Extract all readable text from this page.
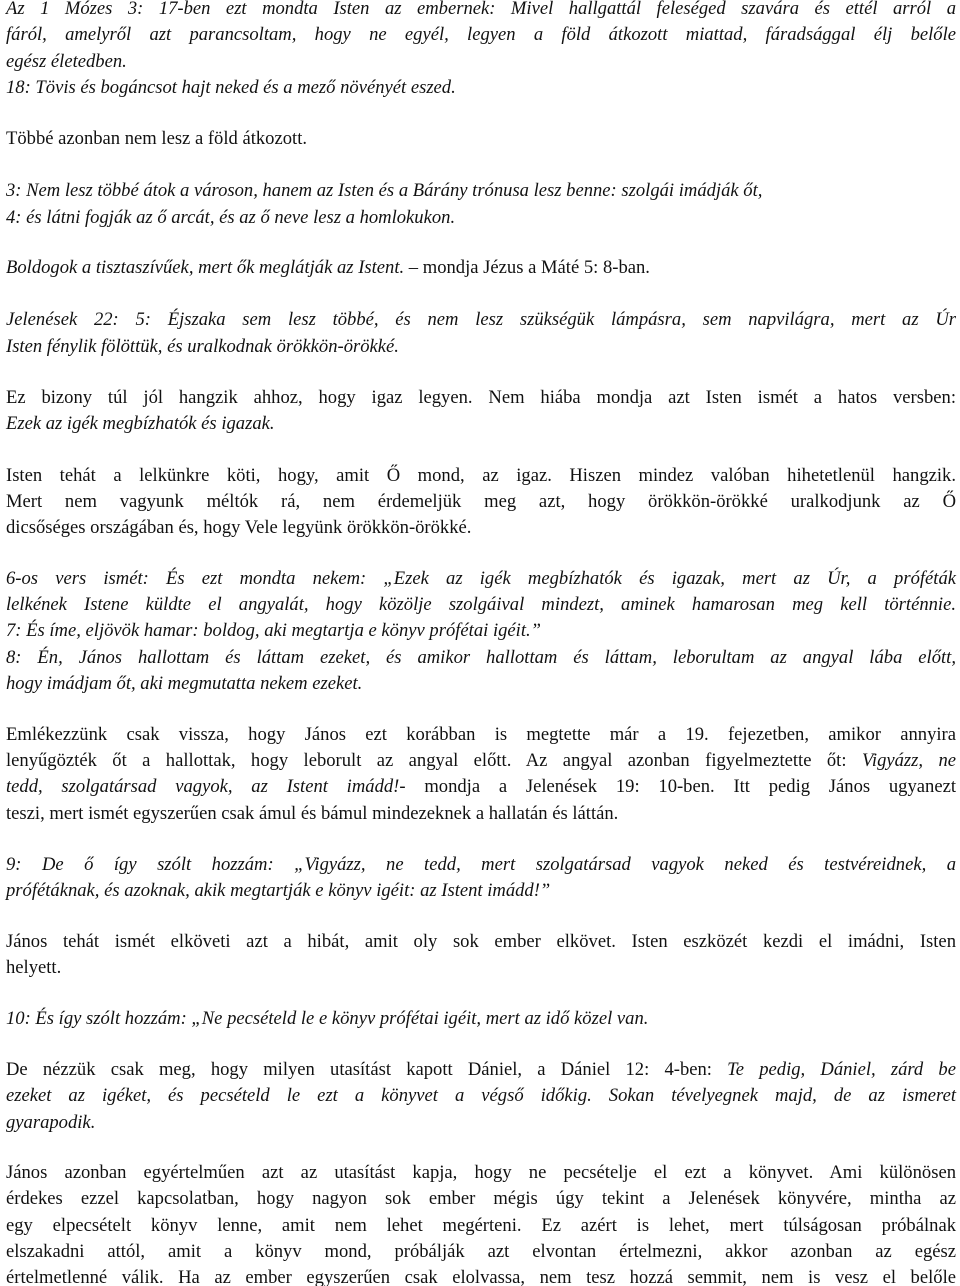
Az 1 Mózes 3: 17-ben ezt mondta Isten az embernek: Mivel hallgattál feleséged szavára és ettél arról a
fáról, amelyről azt parancsoltam, hogy ne egyél, legyen a föld átkozott miattad, fáradsággal élj belőle
egész életedben.
18: Tövis és bogáncsot hajt neked és a mező növényét eszed.
Többé azonban nem lesz a föld átkozott.
3: Nem lesz többé átok a városon, hanem az Isten és a Bárány trónusa lesz benne: szolgái imádják őt,
4: és látni fogják az ő arcát, és az ő neve lesz a homlokukon.
Boldogok a tisztaszívűek, mert ők meglátják az Istent. – mondja Jézus a Máté 5: 8-ban.
Jelenések 22: 5: Éjszaka sem lesz többé, és nem lesz szükségük lámpásra, sem napvilágra, mert az Úr
Isten fénylik fölöttük, és uralkodnak örökkön-örökké.
Ez bizony túl jól hangzik ahhoz, hogy igaz legyen. Nem hiába mondja azt Isten ismét a hatos versben:
Ezek az igék megbízhatók és igazak.
Isten tehát a lelkünkre köti, hogy, amit Ő mond, az igaz. Hiszen mindez valóban hihetetlenül hangzik.
Mert nem vagyunk méltók rá, nem érdemeljük meg azt, hogy örökkön-örökké uralkodjunk az Ő
dicsőséges országában és, hogy Vele legyünk örökkön-örökké.
6-os vers ismét: És ezt mondta nekem: „Ezek az igék megbízhatók és igazak, mert az Úr, a próféták
lelkének Istene küldte el angyalát, hogy közölje szolgáival mindezt, aminek hamarosan meg kell történnie.
7: És íme, eljövök hamar: boldog, aki megtartja e könyv prófétai igéit.”
8: Én, János hallottam és láttam ezeket, és amikor hallottam és láttam, leborultam az angyal lába előtt,
hogy imádjam őt, aki megmutatta nekem ezeket.
Emlékezzünk csak vissza, hogy János ezt korábban is megtette már a 19. fejezetben, amikor annyira
lenyűgözték őt a hallottak, hogy leborult az angyal előtt. Az angyal azonban figyelmeztette őt: Vigyázz, ne
tedd, szolgatársad vagyok, az Istent imádd!- mondja a Jelenések 19: 10-ben. Itt pedig János ugyanezt
teszi, mert ismét egyszerűen csak ámul és bámul mindezeknek a hallatán és láttán.
9: De ő így szólt hozzám: „Vigyázz, ne tedd, mert szolgatársad vagyok neked és testvéreidnek, a
prófétáknak, és azoknak, akik megtartják e könyv igéit: az Istent imádd!”
János tehát ismét elköveti azt a hibát, amit oly sok ember elkövet. Isten eszközét kezdi el imádni, Isten
helyett.
10: És így szólt hozzám: „Ne pecsételd le e könyv prófétai igéit, mert az idő közel van.
De nézzük csak meg, hogy milyen utasítást kapott Dániel, a Dániel 12: 4-ben: Te pedig, Dániel, zárd be
ezeket az igéket, és pecsételd le ezt a könyvet a végső időkig. Sokan tévelyegnek majd, de az ismeret
gyarapodik.
János azonban egyértelműen azt az utasítást kapja, hogy ne pecsételje el ezt a könyvet. Ami különösen
érdekes ezzel kapcsolatban, hogy nagyon sok ember mégis úgy tekint a Jelenések könyvére, mintha az
egy elpecsételt könyv lenne, amit nem lehet megérteni. Ez azért is lehet, mert túlságosan próbálnak
elszakadni attól, amit a könyv mond, próbálják azt elvontan értelmezni, akkor azonban az egész
értelmetlenné válik. Ha az ember egyszerűen csak elolvassa, nem tesz hozzá semmit, nem is vesz el belőle
